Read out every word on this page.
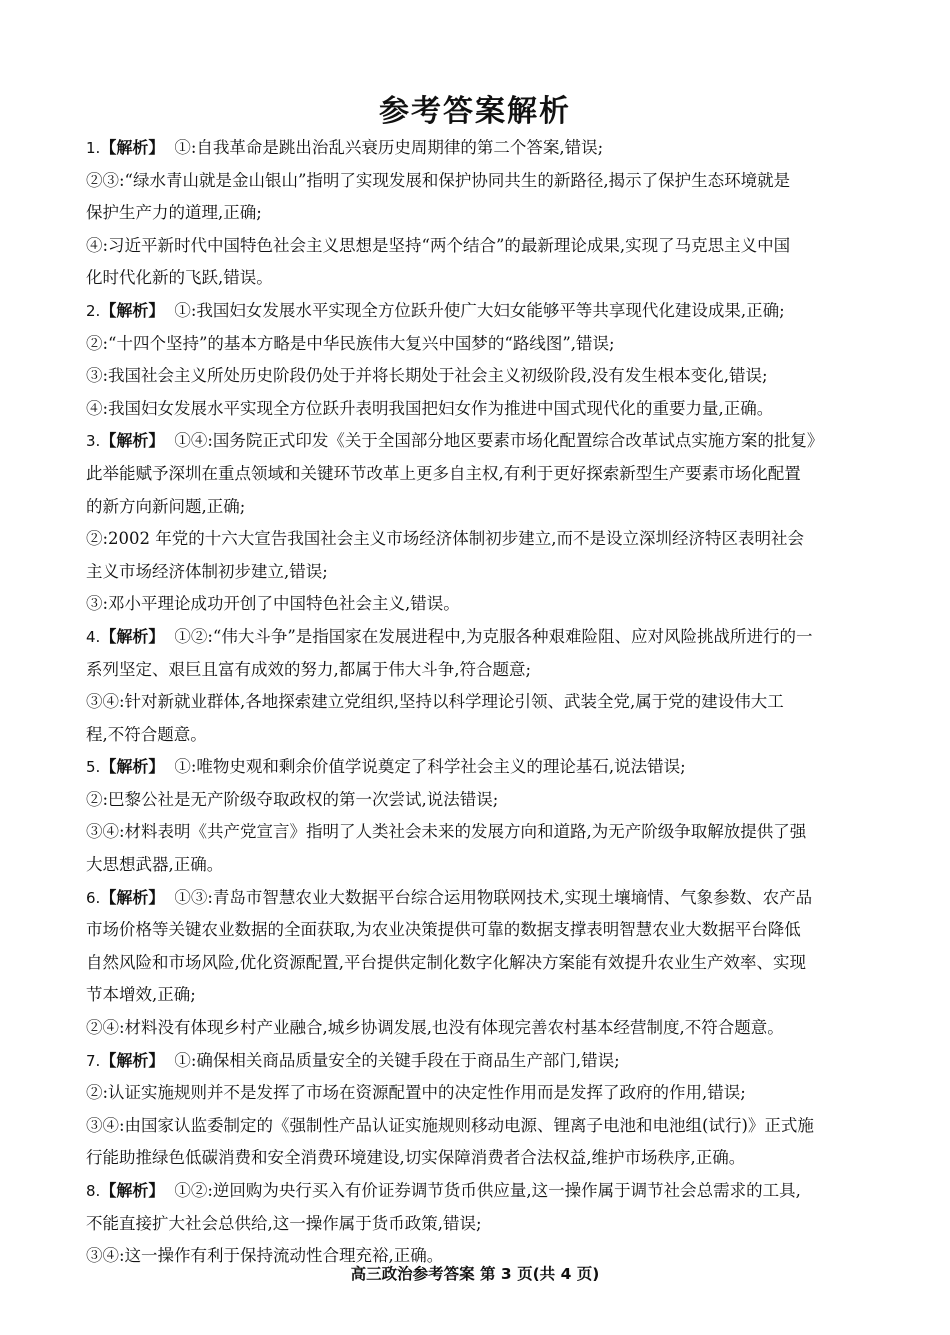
参考答案解析
1.【解析】 ①:自我革命是跳出治乱兴衰历史周期律的第二个答案,错误;
②③:“绿水青山就是金山银山”指明了实现发展和保护协同共生的新路径,揭示了保护生态环境就是
保护生产力的道理,正确;
④:习近平新时代中国特色社会主义思想是坚持“两个结合”的最新理论成果,实现了马克思主义中国
化时代化新的飞跃,错误。
2.【解析】 ①:我国妇女发展水平实现全方位跃升使广大妇女能够平等共享现代化建设成果,正确;
②:“十四个坚持”的基本方略是中华民族伟大复兴中国梦的“路线图”,错误;
③:我国社会主义所处历史阶段仍处于并将长期处于社会主义初级阶段,没有发生根本变化,错误;
④:我国妇女发展水平实现全方位跃升表明我国把妇女作为推进中国式现代化的重要力量,正确。
3.【解析】 ①④:国务院正式印发《关于全国部分地区要素市场化配置综合改革试点实施方案的批复》
此举能赋予深圳在重点领域和关键环节改革上更多自主权,有利于更好探索新型生产要素市场化配置
的新方向新问题,正确;
②:2002 年党的十六大宣告我国社会主义市场经济体制初步建立,而不是设立深圳经济特区表明社会
主义市场经济体制初步建立,错误;
③:邓小平理论成功开创了中国特色社会主义,错误。
4.【解析】 ①②:“伟大斗争”是指国家在发展进程中,为克服各种艰难险阻、应对风险挑战所进行的一
系列坚定、艰巨且富有成效的努力,都属于伟大斗争,符合题意;
③④:针对新就业群体,各地探索建立党组织,坚持以科学理论引领、武装全党,属于党的建设伟大工
程,不符合题意。
5.【解析】 ①:唯物史观和剩余价值学说奠定了科学社会主义的理论基石,说法错误;
②:巴黎公社是无产阶级夺取政权的第一次尝试,说法错误;
③④:材料表明《共产党宣言》指明了人类社会未来的发展方向和道路,为无产阶级争取解放提供了强
大思想武器,正确。
6.【解析】 ①③:青岛市智慧农业大数据平台综合运用物联网技术,实现土壤墒情、气象参数、农产品
市场价格等关键农业数据的全面获取,为农业决策提供可靠的数据支撑表明智慧农业大数据平台降低
自然风险和市场风险,优化资源配置,平台提供定制化数字化解决方案能有效提升农业生产效率、实现
节本增效,正确;
②④:材料没有体现乡村产业融合,城乡协调发展,也没有体现完善农村基本经营制度,不符合题意。
7.【解析】 ①:确保相关商品质量安全的关键手段在于商品生产部门,错误;
②:认证实施规则并不是发挥了市场在资源配置中的决定性作用而是发挥了政府的作用,错误;
③④:由国家认监委制定的《强制性产品认证实施规则移动电源、锂离子电池和电池组(试行)》正式施
行能助推绿色低碳消费和安全消费环境建设,切实保障消费者合法权益,维护市场秩序,正确。
8.【解析】 ①②:逆回购为央行买入有价证券调节货币供应量,这一操作属于调节社会总需求的工具,
不能直接扩大社会总供给,这一操作属于货币政策,错误;
③④:这一操作有利于保持流动性合理充裕,正确。
高三政治参考答案 第 3 页(共 4 页)
